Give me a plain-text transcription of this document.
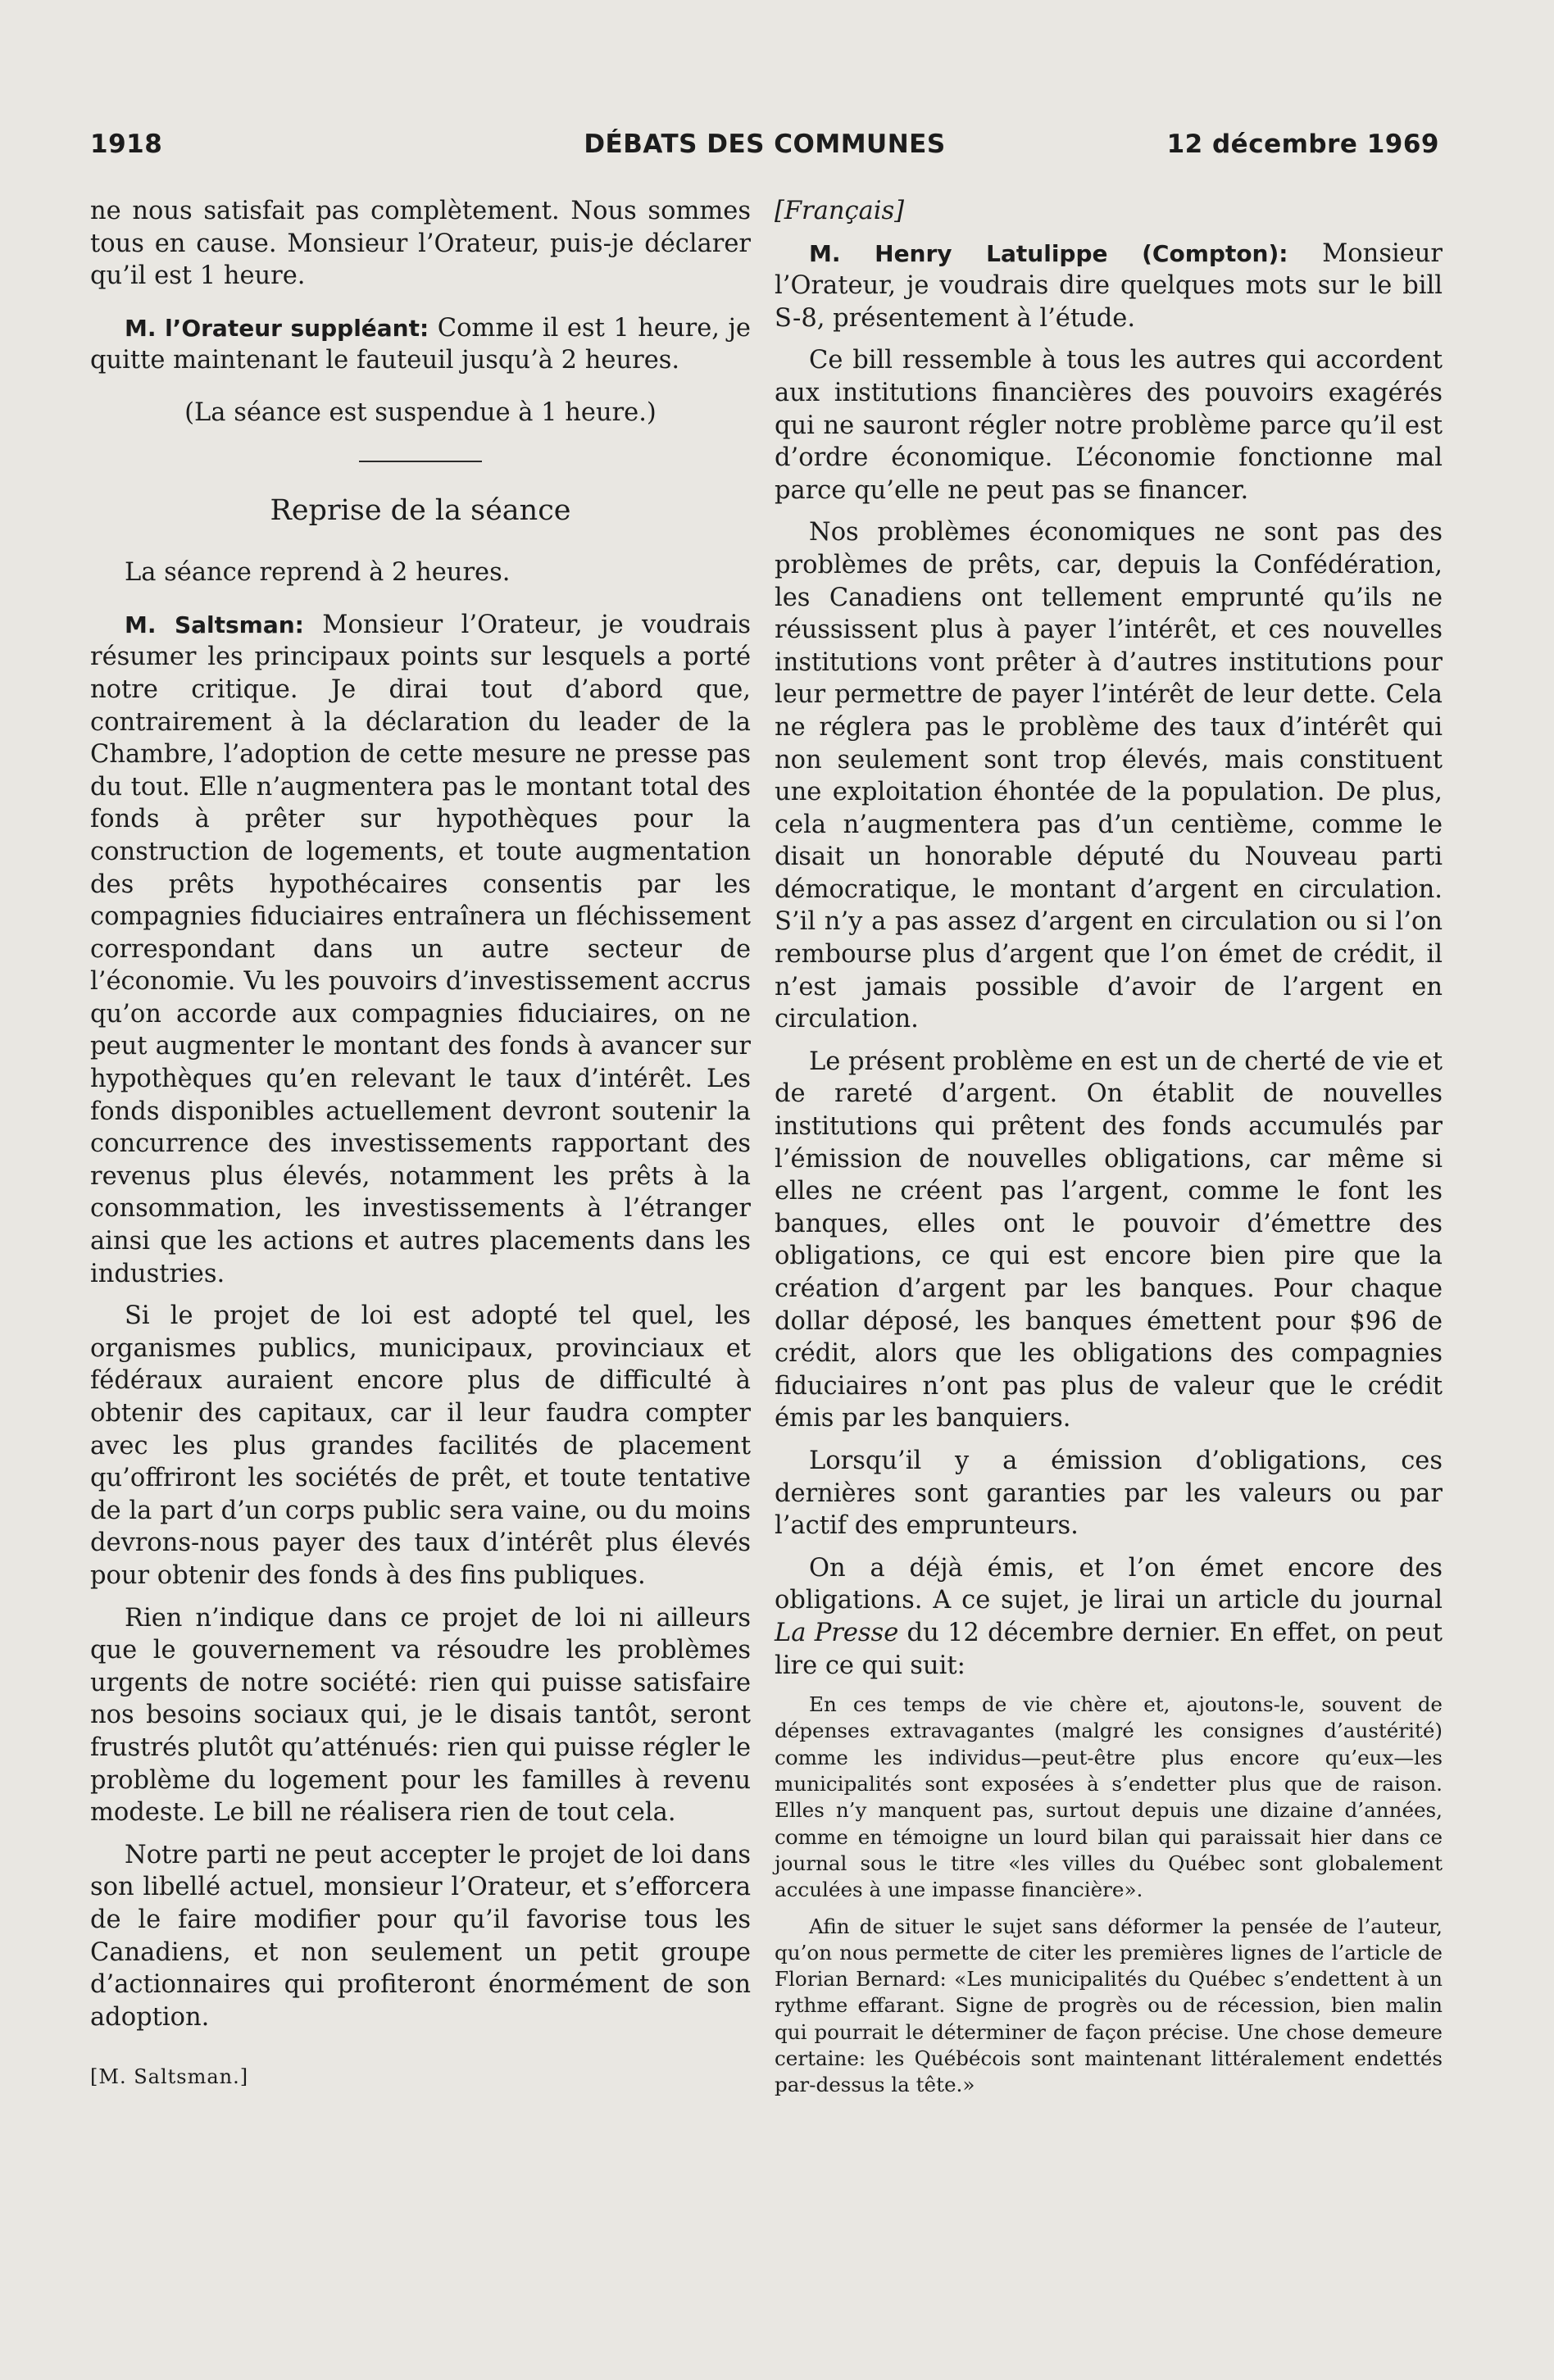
1918	DÉBATS DES COMMUNES	12 décembre 1969

ne nous satisfait pas complètement. Nous sommes tous en cause. Monsieur l’Orateur, puis-je déclarer qu’il est 1 heure.

M. l’Orateur suppléant: Comme il est 1 heure, je quitte maintenant le fauteuil jusqu’à 2 heures.

(La séance est suspendue à 1 heure.)

Reprise de la séance

La séance reprend à 2 heures.

M. Saltsman: Monsieur l’Orateur, je voudrais résumer les principaux points sur lesquels a porté notre critique. Je dirai tout d’abord que, contrairement à la déclaration du leader de la Chambre, l’adoption de cette mesure ne presse pas du tout. Elle n’augmentera pas le montant total des fonds à prêter sur hypothèques pour la construction de logements, et toute augmentation des prêts hypothécaires consentis par les compagnies fiduciaires entraînera un fléchissement correspondant dans un autre secteur de l’économie. Vu les pouvoirs d’investissement accrus qu’on accorde aux compagnies fiduciaires, on ne peut augmenter le montant des fonds à avancer sur hypothèques qu’en relevant le taux d’intérêt. Les fonds disponibles actuellement devront soutenir la concurrence des investissements rapportant des revenus plus élevés, notamment les prêts à la consommation, les investissements à l’étranger ainsi que les actions et autres placements dans les industries.

Si le projet de loi est adopté tel quel, les organismes publics, municipaux, provinciaux et fédéraux auraient encore plus de difficulté à obtenir des capitaux, car il leur faudra compter avec les plus grandes facilités de placement qu’offriront les sociétés de prêt, et toute tentative de la part d’un corps public sera vaine, ou du moins devrons-nous payer des taux d’intérêt plus élevés pour obtenir des fonds à des fins publiques.

Rien n’indique dans ce projet de loi ni ailleurs que le gouvernement va résoudre les problèmes urgents de notre société: rien qui puisse satisfaire nos besoins sociaux qui, je le disais tantôt, seront frustrés plutôt qu’atténués: rien qui puisse régler le problème du logement pour les familles à revenu modeste. Le bill ne réalisera rien de tout cela.

Notre parti ne peut accepter le projet de loi dans son libellé actuel, monsieur l’Orateur, et s’efforcera de le faire modifier pour qu’il favorise tous les Canadiens, et non seulement un petit groupe d’actionnaires qui profiteront énormément de son adoption.

[M. Saltsman.]

[Français]

M. Henry Latulippe (Compton): Monsieur l’Orateur, je voudrais dire quelques mots sur le bill S-8, présentement à l’étude.

Ce bill ressemble à tous les autres qui accordent aux institutions financières des pouvoirs exagérés qui ne sauront régler notre problème parce qu’il est d’ordre économique. L’économie fonctionne mal parce qu’elle ne peut pas se financer.

Nos problèmes économiques ne sont pas des problèmes de prêts, car, depuis la Confédération, les Canadiens ont tellement emprunté qu’ils ne réussissent plus à payer l’intérêt, et ces nouvelles institutions vont prêter à d’autres institutions pour leur permettre de payer l’intérêt de leur dette. Cela ne réglera pas le problème des taux d’intérêt qui non seulement sont trop élevés, mais constituent une exploitation éhontée de la population. De plus, cela n’augmentera pas d’un centième, comme le disait un honorable député du Nouveau parti démocratique, le montant d’argent en circulation. S’il n’y a pas assez d’argent en circulation ou si l’on rembourse plus d’argent que l’on émet de crédit, il n’est jamais possible d’avoir de l’argent en circulation.

Le présent problème en est un de cherté de vie et de rareté d’argent. On établit de nouvelles institutions qui prêtent des fonds accumulés par l’émission de nouvelles obligations, car même si elles ne créent pas l’argent, comme le font les banques, elles ont le pouvoir d’émettre des obligations, ce qui est encore bien pire que la création d’argent par les banques. Pour chaque dollar déposé, les banques émettent pour $96 de crédit, alors que les obligations des compagnies fiduciaires n’ont pas plus de valeur que le crédit émis par les banquiers.

Lorsqu’il y a émission d’obligations, ces dernières sont garanties par les valeurs ou par l’actif des emprunteurs.

On a déjà émis, et l’on émet encore des obligations. A ce sujet, je lirai un article du journal La Presse du 12 décembre dernier. En effet, on peut lire ce qui suit:

En ces temps de vie chère et, ajoutons-le, souvent de dépenses extravagantes (malgré les consignes d’austérité) comme les individus—peut-être plus encore qu’eux—les municipalités sont exposées à s’endetter plus que de raison. Elles n’y manquent pas, surtout depuis une dizaine d’années, comme en témoigne un lourd bilan qui paraissait hier dans ce journal sous le titre «les villes du Québec sont globalement acculées à une impasse financière».

Afin de situer le sujet sans déformer la pensée de l’auteur, qu’on nous permette de citer les premières lignes de l’article de Florian Bernard: «Les municipalités du Québec s’endettent à un rythme effarant. Signe de progrès ou de récession, bien malin qui pourrait le déterminer de façon précise. Une chose demeure certaine: les Québécois sont maintenant littéralement endettés par-dessus la tête.»
